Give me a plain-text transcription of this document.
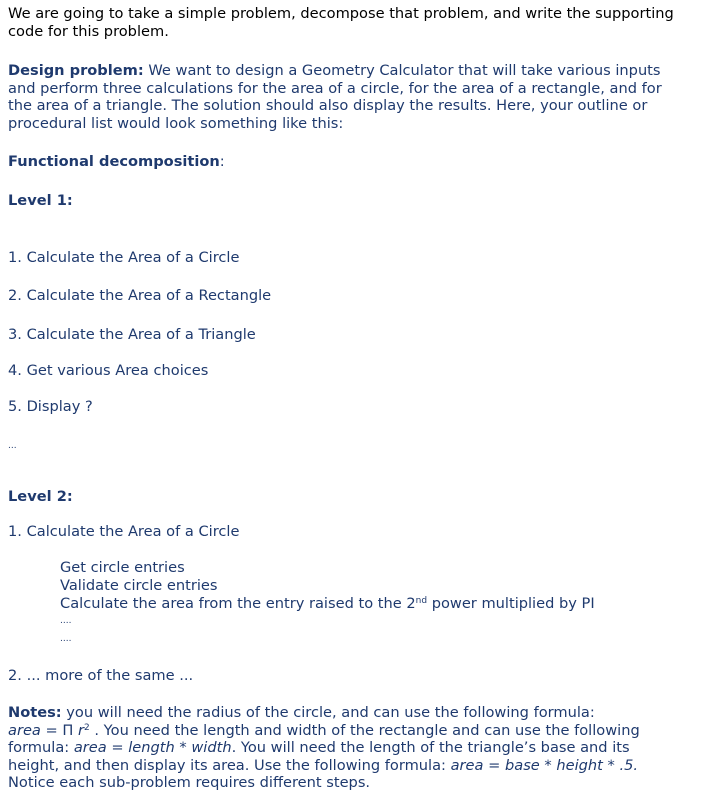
We are going to take a simple problem, decompose that problem, and write the supporting
code for this problem.
Design problem: We want to design a Geometry Calculator that will take various inputs
and perform three calculations for the area of a circle, for the area of a rectangle, and for
the area of a triangle. The solution should also display the results. Here, your outline or
procedural list would look something like this:
Functional decomposition:
Level 1:
1. Calculate the Area of a Circle
2. Calculate the Area of a Rectangle
3. Calculate the Area of a Triangle
4. Get various Area choices
5. Display ?
...
Level 2:
1. Calculate the Area of a Circle
Get circle entries
Validate circle entries
Calculate the area from the entry raised to the 2nd power multiplied by PI
....
....
2. ... more of the same ...
Notes: you will need the radius of the circle, and can use the following formula:
area = Π $r^2$ . You need the length and width of the rectangle and can use the following
formula: area = length * width. You will need the length of the triangle’s base and its
height, and then display its area. Use the following formula: area = base * height * .5.
Notice each sub-problem requires different steps.
